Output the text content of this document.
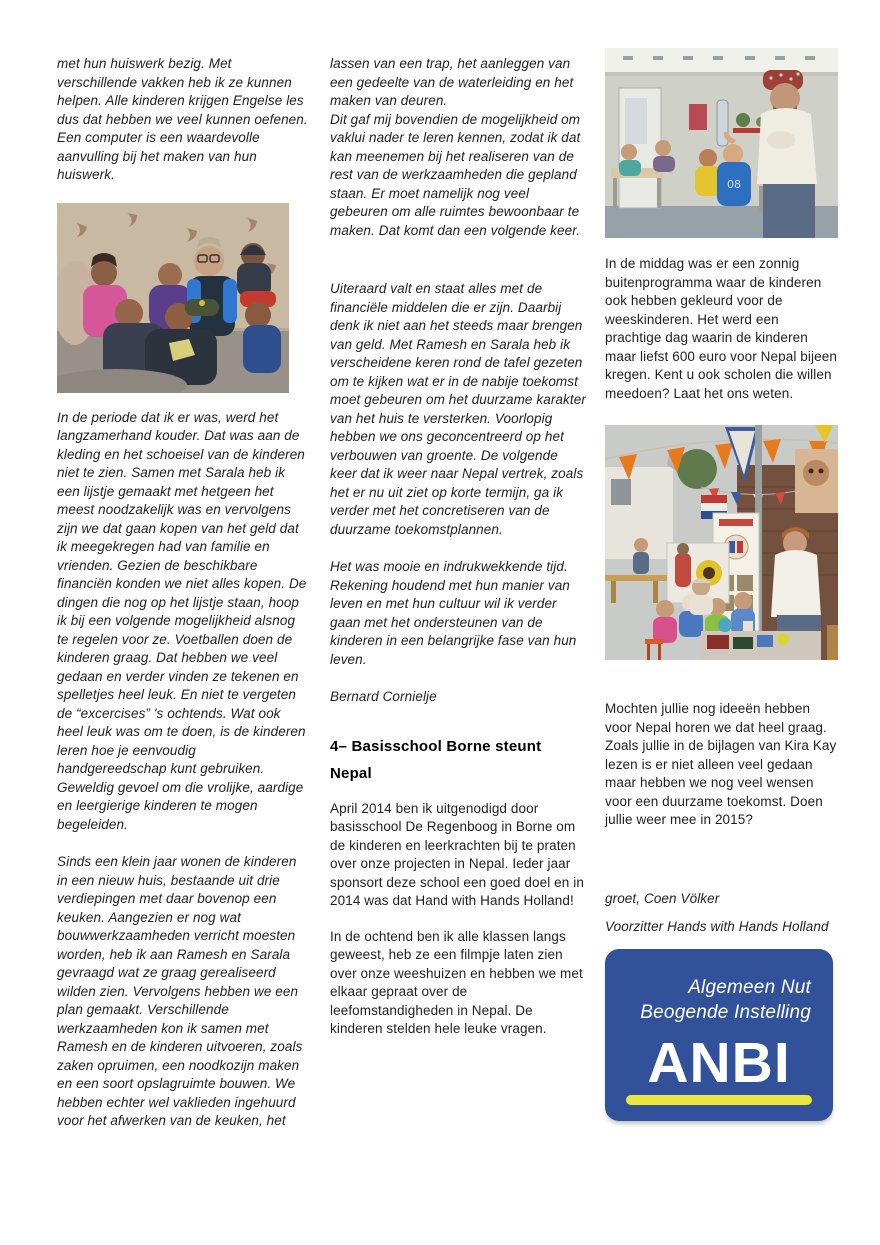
met hun huiswerk bezig. Met verschillende vakken heb ik ze kunnen helpen. Alle kinderen krijgen Engelse les dus dat hebben we veel kunnen oefenen. Een computer is een waardevolle aanvulling bij het maken van hun huiswerk.

In de periode dat ik er was, werd het langzamerhand kouder. Dat was aan de kleding en het schoeisel van de kinderen niet te zien. Samen met Sarala heb ik een lijstje gemaakt met hetgeen het meest noodzakelijk was en vervolgens zijn we dat gaan kopen van het geld dat ik meegekregen had van familie en vrienden. Gezien de beschikbare financiën konden we niet alles kopen. De dingen die nog op het lijstje staan, hoop ik bij een volgende mogelijkheid alsnog te regelen voor ze. Voetballen doen de kinderen graag. Dat hebben we veel gedaan en verder vinden ze tekenen en spelletjes heel leuk. En niet te vergeten de “excercises” 's ochtends. Wat ook heel leuk was om te doen, is de kinderen leren hoe je eenvoudig handgereedschap kunt gebruiken. Geweldig gevoel om die vrolijke, aardige en leergierige kinderen te mogen begeleiden.

Sinds een klein jaar wonen de kinderen in een nieuw huis, bestaande uit drie verdiepingen met daar bovenop een keuken. Aangezien er nog wat bouwwerkzaamheden verricht moesten worden, heb ik aan Ramesh en Sarala gevraagd wat ze graag gerealiseerd wilden zien. Vervolgens hebben we een plan gemaakt. Verschillende werkzaamheden kon ik samen met Ramesh en de kinderen uitvoeren, zoals zaken opruimen, een noodkozijn maken en een soort opslagruimte bouwen. We hebben echter wel vaklieden ingehuurd voor het afwerken van de keuken, het

lassen van een trap, het aanleggen van een gedeelte van de waterleiding en het maken van deuren.

Dit gaf mij bovendien de mogelijkheid om vaklui nader te leren kennen, zodat ik dat kan meenemen bij het realiseren van de rest van de werkzaamheden die gepland staan. Er moet namelijk nog veel gebeuren om alle ruimtes bewoonbaar te maken. Dat komt dan een volgende keer.

Uiteraard valt en staat alles met de financiële middelen die er zijn. Daarbij denk ik niet aan het steeds maar brengen van geld. Met Ramesh en Sarala heb ik verscheidene keren rond de tafel gezeten om te kijken wat er in de nabije toekomst moet gebeuren om het duurzame karakter van het huis te versterken. Voorlopig hebben we ons geconcentreerd op het verbouwen van groente. De volgende keer dat ik weer naar Nepal vertrek, zoals het er nu uit ziet op korte termijn, ga ik verder met het concretiseren van de duurzame toekomstplannen.

Het was mooie en indrukwekkende tijd. Rekening houdend met hun manier van leven en met hun cultuur wil ik verder gaan met het ondersteunen van de kinderen in een belangrijke fase van hun leven.

Bernard Cornielje

4– Basisschool Borne steunt Nepal

April 2014 ben ik uitgenodigd door basisschool De Regenboog in Borne om de kinderen en leerkrachten bij te praten over onze projecten in Nepal. Ieder jaar sponsort deze school een goed doel en in 2014 was dat Hand with Hands Holland!

In de ochtend ben ik alle klassen langs geweest, heb ze een filmpje laten zien over onze weeshuizen en hebben we met elkaar gepraat over de leefomstandigheden in Nepal. De kinderen stelden hele leuke vragen.

08

In de middag was er een zonnig buitenprogramma waar de kinderen ook hebben gekleurd voor de weeskinderen. Het werd een prachtige dag waarin de kinderen maar liefst 600 euro voor Nepal bijeen kregen. Kent u ook scholen die willen meedoen? Laat het ons weten.

Mochten jullie nog ideeën hebben voor Nepal horen we dat heel graag. Zoals jullie in de bijlagen van Kira Kay lezen is er niet alleen veel gedaan maar hebben we nog veel wensen voor een duurzame toekomst. Doen jullie weer mee in 2015?

groet, Coen Völker

Voorzitter Hands with Hands Holland

Algemeen Nut
Beogende Instelling
ANBI
